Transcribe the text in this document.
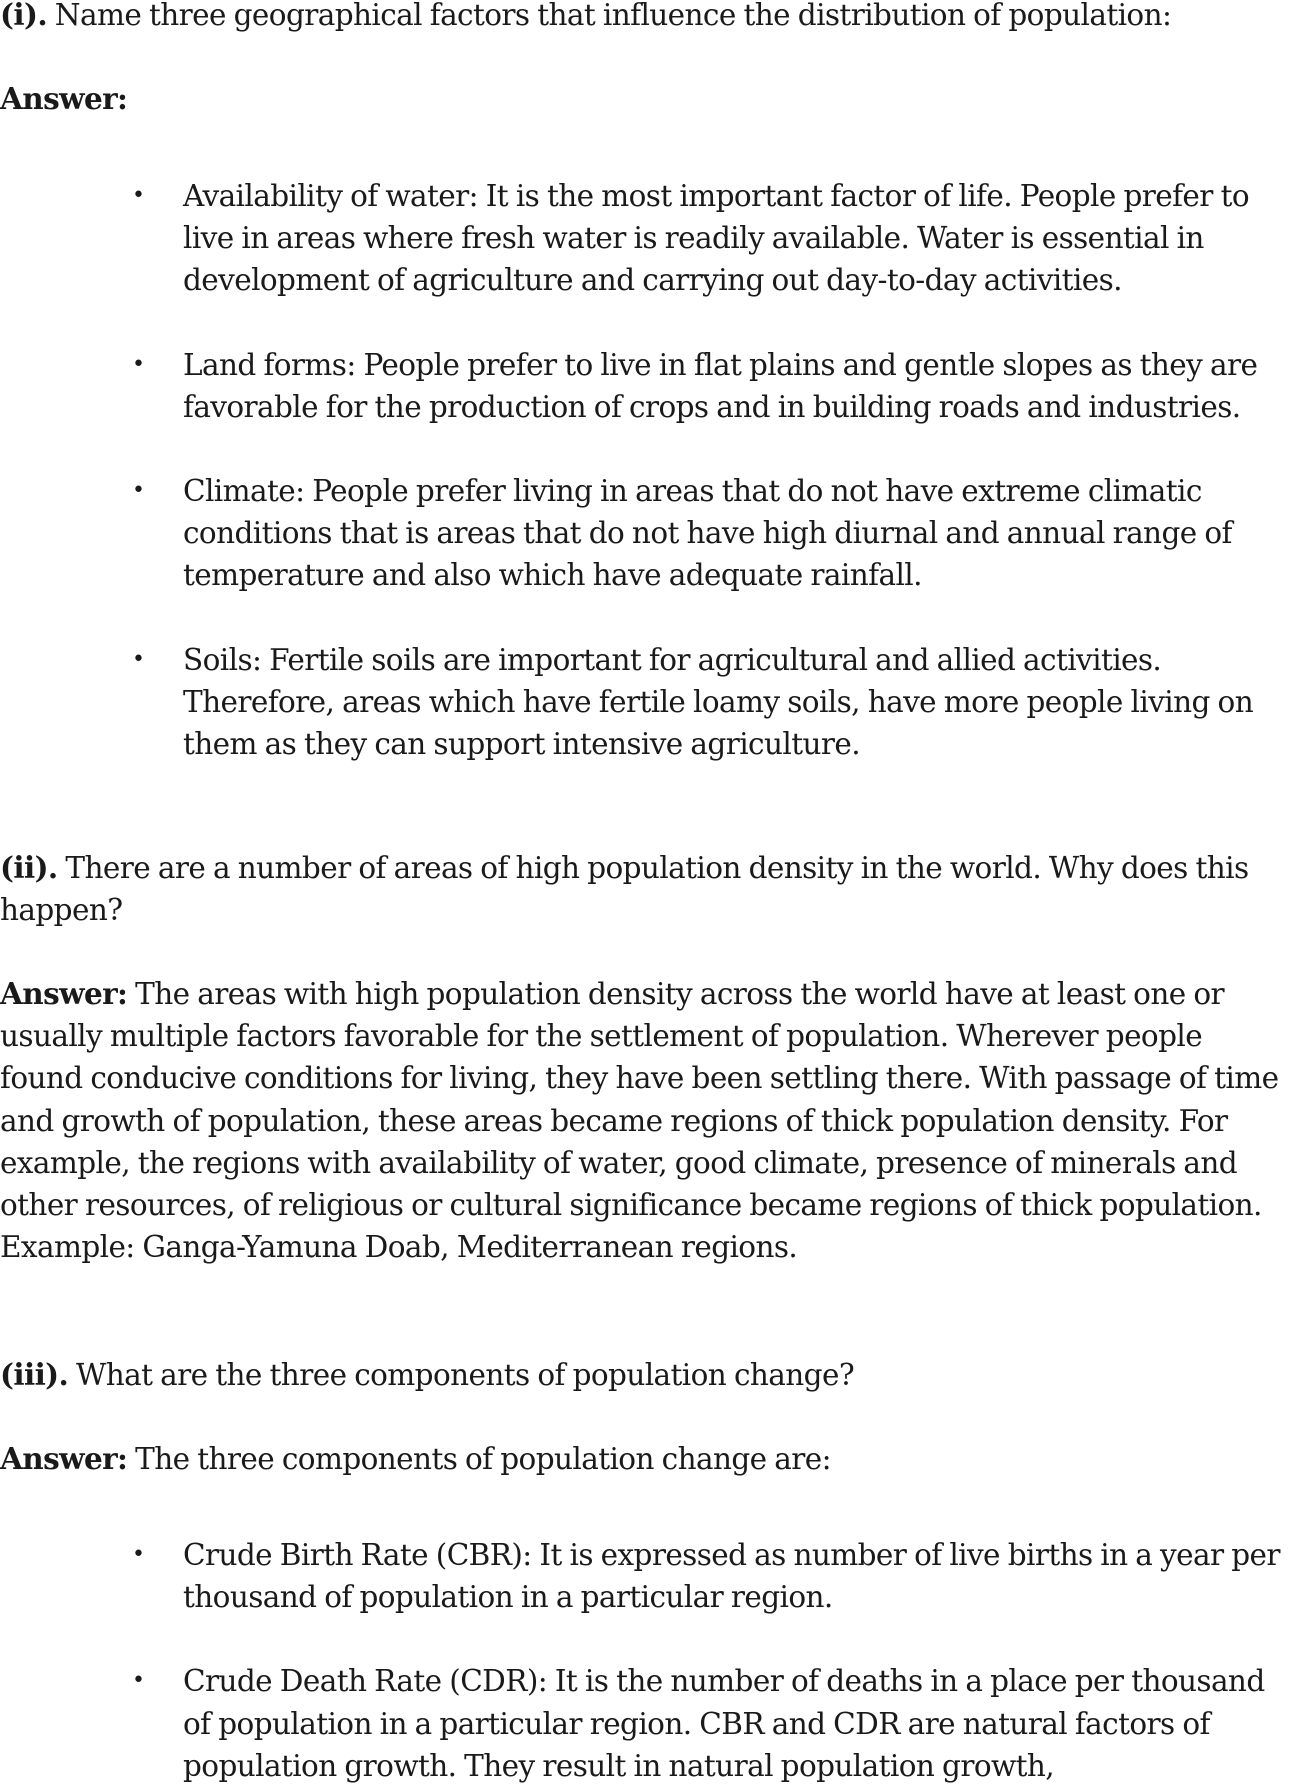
(i). Name three geographical factors that influence the distribution of population:

Answer:

• Availability of water: It is the most important factor of life. People prefer to live in areas where fresh water is readily available. Water is essential in development of agriculture and carrying out day-to-day activities.
• Land forms: People prefer to live in flat plains and gentle slopes as they are favorable for the production of crops and in building roads and industries.
• Climate: People prefer living in areas that do not have extreme climatic conditions that is areas that do not have high diurnal and annual range of temperature and also which have adequate rainfall.
• Soils: Fertile soils are important for agricultural and allied activities. Therefore, areas which have fertile loamy soils, have more people living on them as they can support intensive agriculture.

(ii). There are a number of areas of high population density in the world. Why does this happen?

Answer: The areas with high population density across the world have at least one or usually multiple factors favorable for the settlement of population. Wherever people found conducive conditions for living, they have been settling there. With passage of time and growth of population, these areas became regions of thick population density. For example, the regions with availability of water, good climate, presence of minerals and other resources, of religious or cultural significance became regions of thick population. Example: Ganga-Yamuna Doab, Mediterranean regions.

(iii). What are the three components of population change?

Answer: The three components of population change are:

• Crude Birth Rate (CBR): It is expressed as number of live births in a year per thousand of population in a particular region.
• Crude Death Rate (CDR): It is the number of deaths in a place per thousand of population in a particular region. CBR and CDR are natural factors of population growth. They result in natural population growth,
